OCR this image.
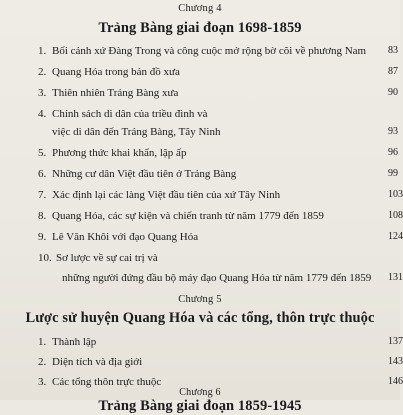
Chương 4
Trảng Bàng giai đoạn 1698-1859
1. Bối cảnh xứ Đàng Trong và công cuộc mở rộng bờ cõi về phương Nam	83
2. Quang Hóa trong bản đồ xưa	87
3. Thiên nhiên Trảng Bàng xưa	90
4. Chính sách di dân của triều đình và
việc di dân đến Trảng Bàng, Tây Ninh	93
5. Phương thức khai khẩn, lập ấp	96
6. Những cư dân Việt đầu tiên ở Trảng Bàng	99
7. Xác định lại các làng Việt đầu tiên của xứ Tây Ninh	103
8. Quang Hóa, các sự kiện và chiến tranh từ năm 1779 đến 1859	108
9. Lê Văn Khôi với đạo Quang Hóa	124
10. Sơ lược về sự cai trị và
những người đứng đầu bộ máy đạo Quang Hóa từ năm 1779 đến 1859	131
Chương 5
Lược sử huyện Quang Hóa và các tổng, thôn trực thuộc
1. Thành lập	137
2. Diện tích và địa giới	143
3. Các tổng thôn trực thuộc	146
Chương 6
Trảng Bàng giai đoạn 1859-1945
